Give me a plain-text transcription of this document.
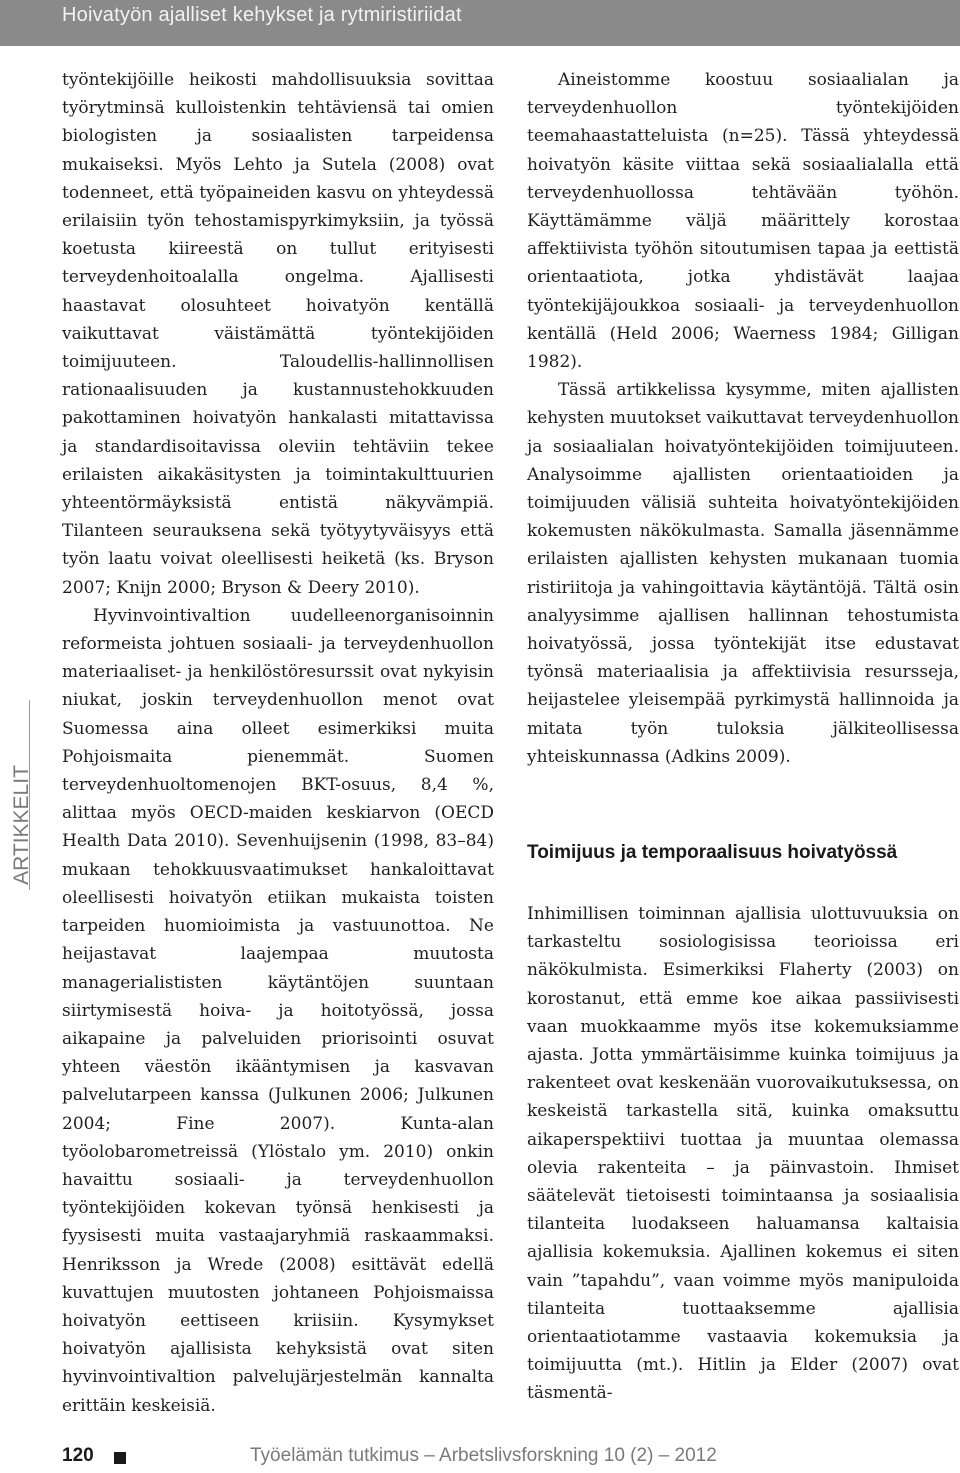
Hoivatyön ajalliset kehykset ja rytmiristiriidat
ARTIKKELIT

työntekijöille heikosti mahdollisuuksia sovittaa työrytminsä kulloistenkin tehtäviensä tai omien biologisten ja sosiaalisten tarpeidensa mukaiseksi. Myös Lehto ja Sutela (2008) ovat todenneet, että työpaineiden kasvu on yhteydessä erilaisiin työn tehostamispyrkimyksiin, ja työssä koetusta kiireestä on tullut erityisesti terveydenhoitoalalla ongelma. Ajallisesti haastavat olosuhteet hoivatyön kentällä vaikuttavat väistämättä työntekijöiden toimijuuteen. Taloudellis-hallinnollisen rationaalisuuden ja kustannustehokkuuden pakottaminen hoivatyön hankalasti mitattavissa ja standardisoitavissa oleviin tehtäviin tekee erilaisten aikakäsitysten ja toimintakulttuurien yhteentörmäyksistä entistä näkyvämpiä. Tilanteen seurauksena sekä työtyytyväisyys että työn laatu voivat oleellisesti heiketä (ks. Bryson 2007; Knijn 2000; Bryson & Deery 2010).

Hyvinvointivaltion uudelleenorganisoinnin reformeista johtuen sosiaali- ja terveydenhuollon materiaaliset- ja henkilöstöresurssit ovat nykyisin niukat, joskin terveydenhuollon menot ovat Suomessa aina olleet esimerkiksi muita Pohjoismaita pienemmät. Suomen terveydenhuoltomenojen BKT-osuus, 8,4 %, alittaa myös OECD-maiden keskiarvon (OECD Health Data 2010). Sevenhuijsenin (1998, 83–84) mukaan tehokkuusvaatimukset hankaloittavat oleellisesti hoivatyön etiikan mukaista toisten tarpeiden huomioimista ja vastuunottoa. Ne heijastavat laajempaa muutosta managerialististen käytäntöjen suuntaan siirtymisestä hoiva- ja hoitotyössä, jossa aikapaine ja palveluiden priorisointi osuvat yhteen väestön ikääntymisen ja kasvavan palvelutarpeen kanssa (Julkunen 2006; Julkunen 2004; Fine 2007). Kunta-alan työolobarometreissä (Ylöstalo ym. 2010) onkin havaittu sosiaali- ja terveydenhuollon työntekijöiden kokevan työnsä henkisesti ja fyysisesti muita vastaajaryhmiä raskaammaksi. Henriksson ja Wrede (2008) esittävät edellä kuvattujen muutosten johtaneen Pohjoismaissa hoivatyön eettiseen kriisiin. Kysymykset hoivatyön ajallisista kehyksistä ovat siten hyvinvointivaltion palvelujärjestelmän kannalta erittäin keskeisiä.

Aineistomme koostuu sosiaalialan ja terveydenhuollon työntekijöiden teemahaastatteluista (n=25). Tässä yhteydessä hoivatyön käsite viittaa sekä sosiaalialalla että terveydenhuollossa tehtävään työhön. Käyttämämme väljä määrittely korostaa affektiivista työhön sitoutumisen tapaa ja eettistä orientaatiota, jotka yhdistävät laajaa työntekijäjoukkoa sosiaali- ja terveydenhuollon kentällä (Held 2006; Waerness 1984; Gilligan 1982).

Tässä artikkelissa kysymme, miten ajallisten kehysten muutokset vaikuttavat terveydenhuollon ja sosiaalialan hoivatyöntekijöiden toimijuuteen. Analysoimme ajallisten orientaatioiden ja toimijuuden välisiä suhteita hoivatyöntekijöiden kokemusten näkökulmasta. Samalla jäsennämme erilaisten ajallisten kehysten mukanaan tuomia ristiriitoja ja vahingoittavia käytäntöjä. Tältä osin analyysimme ajallisen hallinnan tehostumista hoivatyössä, jossa työntekijät itse edustavat työnsä materiaalisia ja affektiivisia resursseja, heijastelee yleisempää pyrkimystä hallinnoida ja mitata työn tuloksia jälkiteollisessa yhteiskunnassa (Adkins 2009).

Toimijuus ja temporaalisuus hoivatyössä

Inhimillisen toiminnan ajallisia ulottuvuuksia on tarkasteltu sosiologisissa teorioissa eri näkökulmista. Esimerkiksi Flaherty (2003) on korostanut, että emme koe aikaa passiivisesti vaan muokkaamme myös itse kokemuksiamme ajasta. Jotta ymmärtäisimme kuinka toimijuus ja rakenteet ovat keskenään vuorovaikutuksessa, on keskeistä tarkastella sitä, kuinka omaksuttu aikaperspektiivi tuottaa ja muuntaa olemassa olevia rakenteita – ja päinvastoin. Ihmiset säätelevät tietoisesti toimintaansa ja sosiaalisia tilanteita luodakseen haluamansa kaltaisia ajallisia kokemuksia. Ajallinen kokemus ei siten vain ”tapahdu”, vaan voimme myös manipuloida tilanteita tuottaaksemme ajallisia orientaatiotamme vastaavia kokemuksia ja toimijuutta (mt.). Hitlin ja Elder (2007) ovat täsmentä-

120	Työelämän tutkimus – Arbetslivsforskning 10 (2) – 2012
